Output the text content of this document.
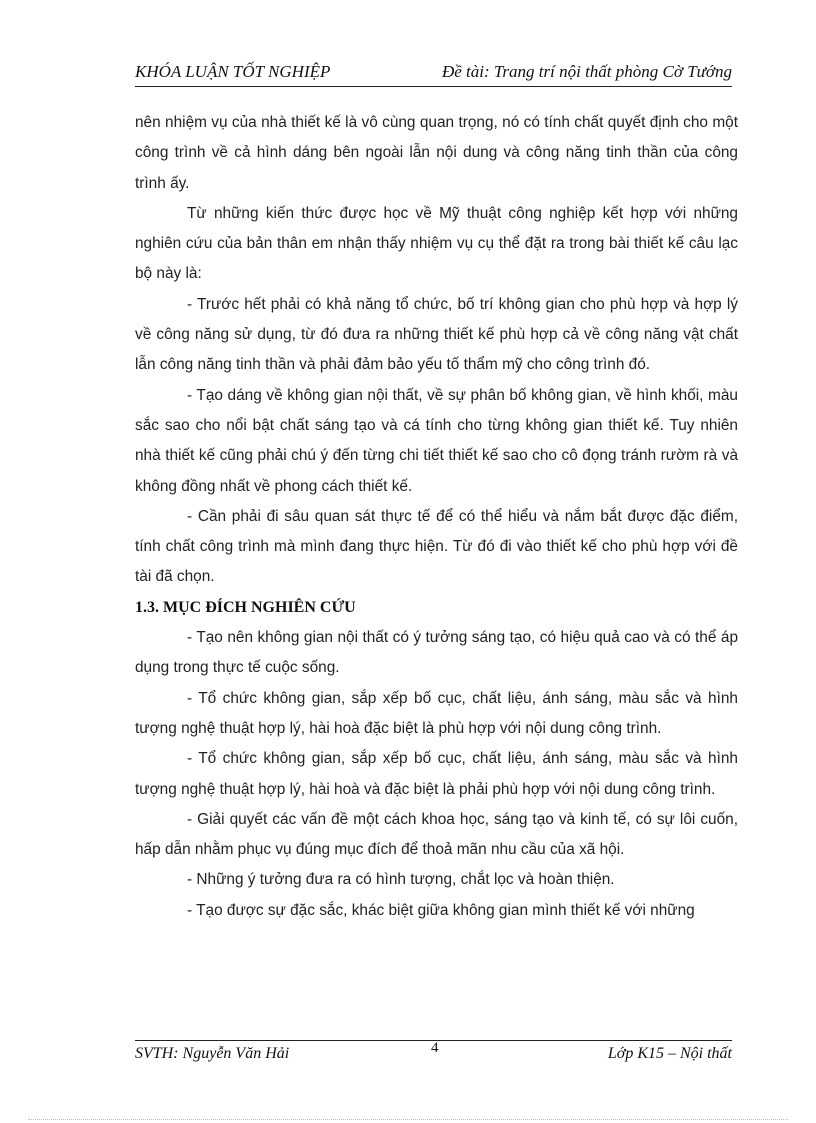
KHÓA LUẬN TỐT NGHIỆP	Đề tài: Trang trí nội thất phòng Cờ Tướng

nên nhiệm vụ của nhà thiết kế là vô cùng quan trọng, nó có tính chất quyết định cho một công trình về cả hình dáng bên ngoài lẫn nội dung và công năng tinh thần của công trình ấy.

Từ những kiến thức được học về Mỹ thuật công nghiệp kết hợp với những nghiên cứu của bản thân em nhận thấy nhiệm vụ cụ thể đặt ra trong bài thiết kế câu lạc bộ này là:

- Trước hết phải có khả năng tổ chức, bố trí không gian cho phù hợp và hợp lý về công năng sử dụng, từ đó đưa ra những thiết kế phù hợp cả về công năng vật chất lẫn công năng tinh thần và phải đảm bảo yếu tố thẩm mỹ cho công trình đó.

- Tạo dáng về không gian nội thất, về sự phân bố không gian, về hình khối, màu sắc sao cho nổi bật chất sáng tạo và cá tính cho từng không gian thiết kế. Tuy nhiên nhà thiết kế cũng phải chú ý đến từng chi tiết thiết kế sao cho cô đọng tránh rườm rà và không đồng nhất về phong cách thiết kế.

- Cần phải đi sâu quan sát thực tế để có thể hiểu và nắm bắt được đặc điểm, tính chất công trình mà mình đang thực hiện. Từ đó đi vào thiết kế cho phù hợp với đề tài đã chọn.

1.3. MỤC ĐÍCH NGHIÊN CỨU

- Tạo nên không gian nội thất có ý tưởng sáng tạo, có hiệu quả cao và có thể áp dụng trong thực tế cuộc sống.

- Tổ chức không gian, sắp xếp bố cục, chất liệu, ánh sáng, màu sắc và hình tượng nghệ thuật hợp lý, hài hoà đặc biệt là phù hợp với nội dung công trình.

- Tổ chức không gian, sắp xếp bố cục, chất liệu, ánh sáng, màu sắc và hình tượng nghệ thuật hợp lý, hài hoà và đặc biệt là phải phù hợp với nội dung công trình.

- Giải quyết các vấn đề một cách khoa học, sáng tạo và kinh tế, có sự lôi cuốn, hấp dẫn nhằm phục vụ đúng mục đích để thoả mãn nhu cầu của xã hội.

- Những ý tưởng đưa ra có hình tượng, chắt lọc và hoàn thiện.

- Tạo được sự đặc sắc, khác biệt giữa không gian mình thiết kế với những

SVTH: Nguyễn Văn Hải	4	Lớp K15 – Nội thất
